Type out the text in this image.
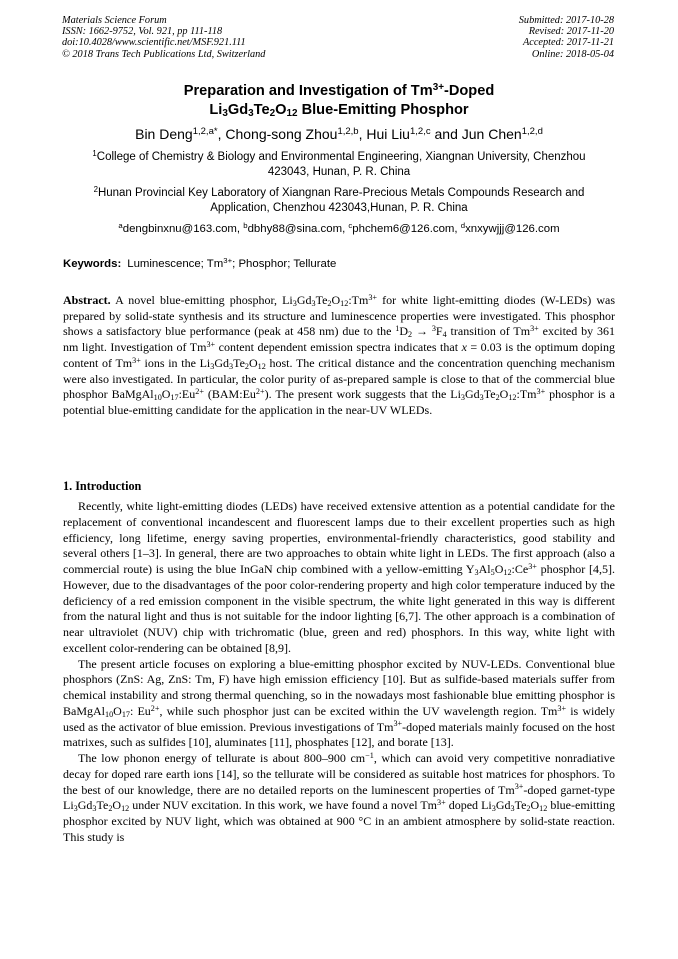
Materials Science Forum
ISSN: 1662-9752, Vol. 921, pp 111-118
doi:10.4028/www.scientific.net/MSF.921.111
© 2018 Trans Tech Publications Ltd, Switzerland
Submitted: 2017-10-28
Revised: 2017-11-20
Accepted: 2017-11-21
Online: 2018-05-04
Preparation and Investigation of $Tm^{3+}$-Doped
$Li_3Gd_3Te_2O_{12}$ Blue-Emitting Phosphor
Bin Deng$^{1,2,a*}$, Chong-song Zhou$^{1,2,b}$, Hui Liu$^{1,2,c}$ and Jun Chen$^{1,2,d}$
$^1$College of Chemistry & Biology and Environmental Engineering, Xiangnan University, Chenzhou 423043, Hunan, P. R. China
$^2$Hunan Provincial Key Laboratory of Xiangnan Rare-Precious Metals Compounds Research and Application, Chenzhou 423043,Hunan, P. R. China
$^a$dengbinxnu@163.com, $^b$dbhy88@sina.com, $^c$phchem6@126.com, $^d$xnxywjjj@126.com
Keywords: Luminescence; $Tm^{3+}$; Phosphor; Tellurate
Abstract. A novel blue-emitting phosphor, $Li_3Gd_3Te_2O_{12}:Tm^{3+}$ for white light-emitting diodes (W-LEDs) was prepared by solid-state synthesis and its structure and luminescence properties were investigated. This phosphor shows a satisfactory blue performance (peak at 458 nm) due to the $^1D_2 \to ^3F_4$ transition of $Tm^{3+}$ excited by 361 nm light. Investigation of $Tm^{3+}$ content dependent emission spectra indicates that x = 0.03 is the optimum doping content of $Tm^{3+}$ ions in the $Li_3Gd_3Te_2O_{12}$ host. The critical distance and the concentration quenching mechanism were also investigated. In particular, the color purity of as-prepared sample is close to that of the commercial blue phosphor $BaMgAl_{10}O_{17}:Eu^{2+}$ $(BAM:Eu^{2+})$. The present work suggests that the $Li_3Gd_3Te_2O_{12}:Tm^{3+}$ phosphor is a potential blue-emitting candidate for the application in the near-UV WLEDs.
1. Introduction

Recently, white light-emitting diodes (LEDs) have received extensive attention as a potential candidate for the replacement of conventional incandescent and fluorescent lamps due to their excellent properties such as high efficiency, long lifetime, energy saving properties, environmental-friendly characteristics, good stability and several others [1–3]. In general, there are two approaches to obtain white light in LEDs. The first approach (also a commercial route) is using the blue InGaN chip combined with a yellow-emitting $Y_3Al_5O_{12}:Ce^{3+}$ phosphor [4,5]. However, due to the disadvantages of the poor color-rendering property and high color temperature induced by the deficiency of a red emission component in the visible spectrum, the white light generated in this way is different from the natural light and thus is not suitable for the indoor lighting [6,7]. The other approach is a combination of near ultraviolet (NUV) chip with trichromatic (blue, green and red) phosphors. In this way, white light with excellent color-rendering can be obtained [8,9].

The present article focuses on exploring a blue-emitting phosphor excited by NUV-LEDs. Conventional blue phosphors (ZnS: Ag, ZnS: Tm, F) have high emission efficiency [10]. But as sulfide-based materials suffer from chemical instability and strong thermal quenching, so in the nowadays most fashionable blue emitting phosphor is $BaMgAl_{10}O_{17}$: $Eu^{2+}$, while such phosphor just can be excited within the UV wavelength region. $Tm^{3+}$ is widely used as the activator of blue emission. Previous investigations of $Tm^{3+}$-doped materials mainly focused on the host matrixes, such as sulfides [10], aluminates [11], phosphates [12], and borate [13].

The low phonon energy of tellurate is about 800–900 $cm^{-1}$, which can avoid very competitive nonradiative decay for doped rare earth ions [14], so the tellurate will be considered as suitable host matrices for phosphors. To the best of our knowledge, there are no detailed reports on the luminescent properties of $Tm^{3+}$-doped garnet-type $Li_3Gd_3Te_2O_{12}$ under NUV excitation. In this work, we have found a novel $Tm^{3+}$ doped $Li_3Gd_3Te_2O_{12}$ blue-emitting phosphor excited by NUV light, which was obtained at 900 °C in an ambient atmosphere by solid-state reaction. This study is
